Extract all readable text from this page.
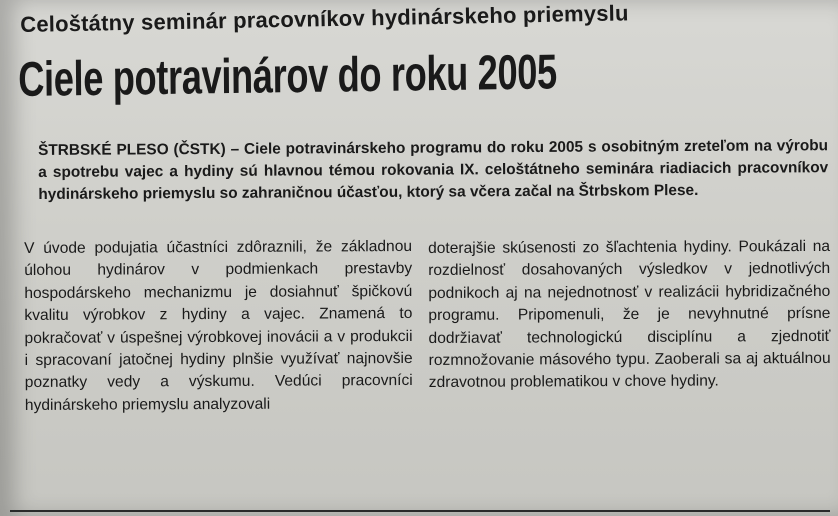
Celoštátny seminár pracovníkov hydinárskeho priemyslu
Ciele potravinárov do roku 2005

ŠTRBSKÉ PLESO (ČSTK) – Ciele potravinárskeho programu do roku 2005 s osobitným zreteľom na výrobu a spotrebu vajec a hydiny sú hlavnou témou rokovania IX. celoštátneho seminára riadiacich pracovníkov hydinárskeho priemyslu so zahraničnou účasťou, ktorý sa včera začal na Štrbskom Plese.

V úvode podujatia účastníci zdôraznili, že základnou úlohou hydinárov v podmienkach prestavby hospodárskeho mechanizmu je dosiahnuť špičkovú kvalitu výrobkov z hydiny a vajec. Znamená to pokračovať v úspešnej výrobkovej inovácii a v produkcii i spracovaní jatočnej hydiny plnšie využívať najnovšie poznatky vedy a výskumu. Vedúci pracovníci hydinárskeho priemyslu analyzovali

doterajšie skúsenosti zo šľachtenia hydiny. Poukázali na rozdielnosť dosahovaných výsledkov v jednotlivých podnikoch aj na nejednotnosť v realizácii hybridizačného programu. Pripomenuli, že je nevyhnutné prísne dodržiavať technologickú disciplínu a zjednotiť rozmnožovanie másového typu. Zaoberali sa aj aktuálnou zdravotnou problematikou v chove hydiny.
